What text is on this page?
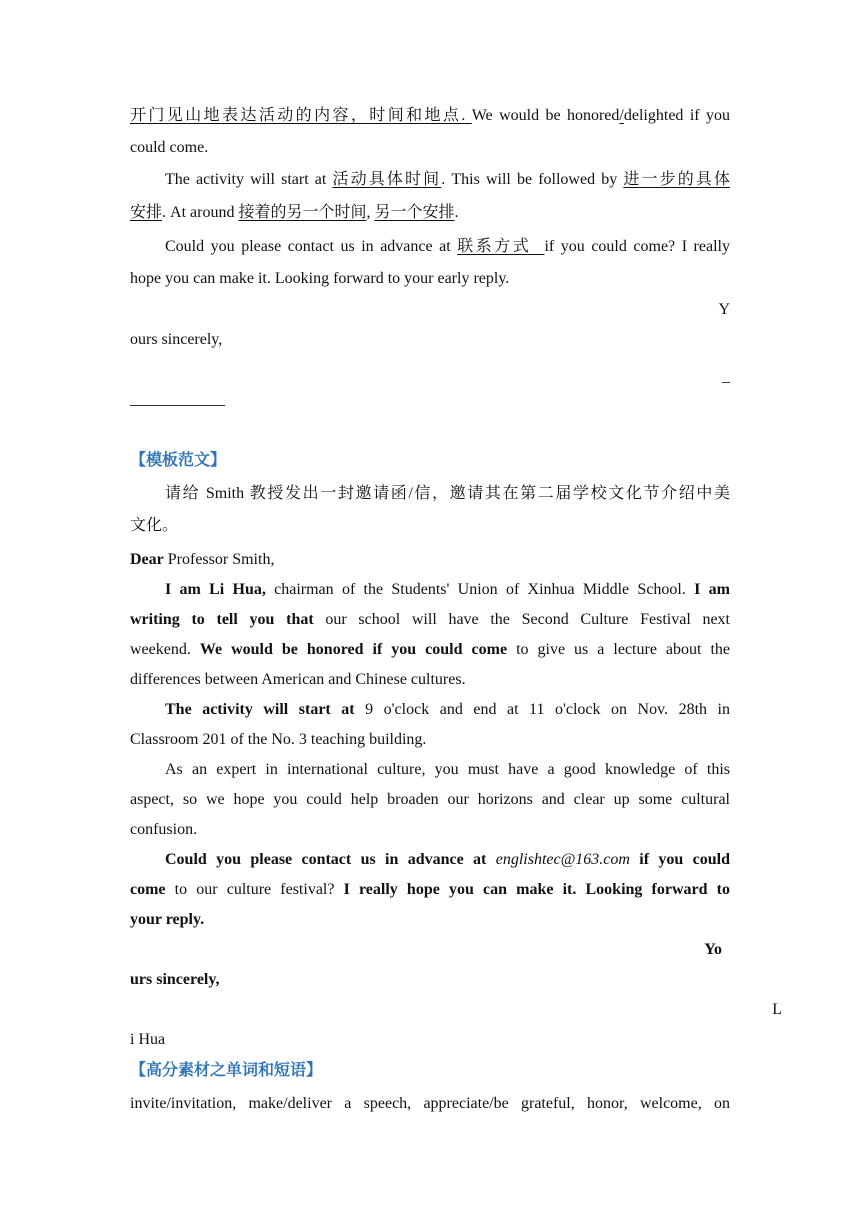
开门见山地表达活动的内容，时间和地点. We would be honored/delighted if you
could come.
The activity will start at 活动具体时间. This will be followed by 进一步的具体
安排. At around 接着的另一个时间, 另一个安排.
Could you please contact us in advance at 联系方式  if you could come? I really
hope you can make it. Looking forward to your early reply.
Y
ours sincerely,
_
【模板范文】
请给 Smith 教授发出一封邀请函/信，邀请其在第二届学校文化节介绍中美
文化。
Dear Professor Smith,
I am Li Hua, chairman of the Students' Union of Xinhua Middle School. I am
writing to tell you that our school will have the Second Culture Festival next
weekend. We would be honored if you could come to give us a lecture about the
differences between American and Chinese cultures.
The activity will start at 9 o'clock and end at 11 o'clock on Nov. 28th in
Classroom 201 of the No. 3 teaching building.
As an expert in international culture, you must have a good knowledge of this
aspect, so we hope you could help broaden our horizons and clear up some cultural
confusion.
Could you please contact us in advance at englishtec@163.com if you could
come to our culture festival? I really hope you can make it. Looking forward to
your reply.
Yo
urs sincerely,
L
i Hua
【高分素材之单词和短语】
invite/invitation, make/deliver a speech, appreciate/be grateful, honor, welcome, on
